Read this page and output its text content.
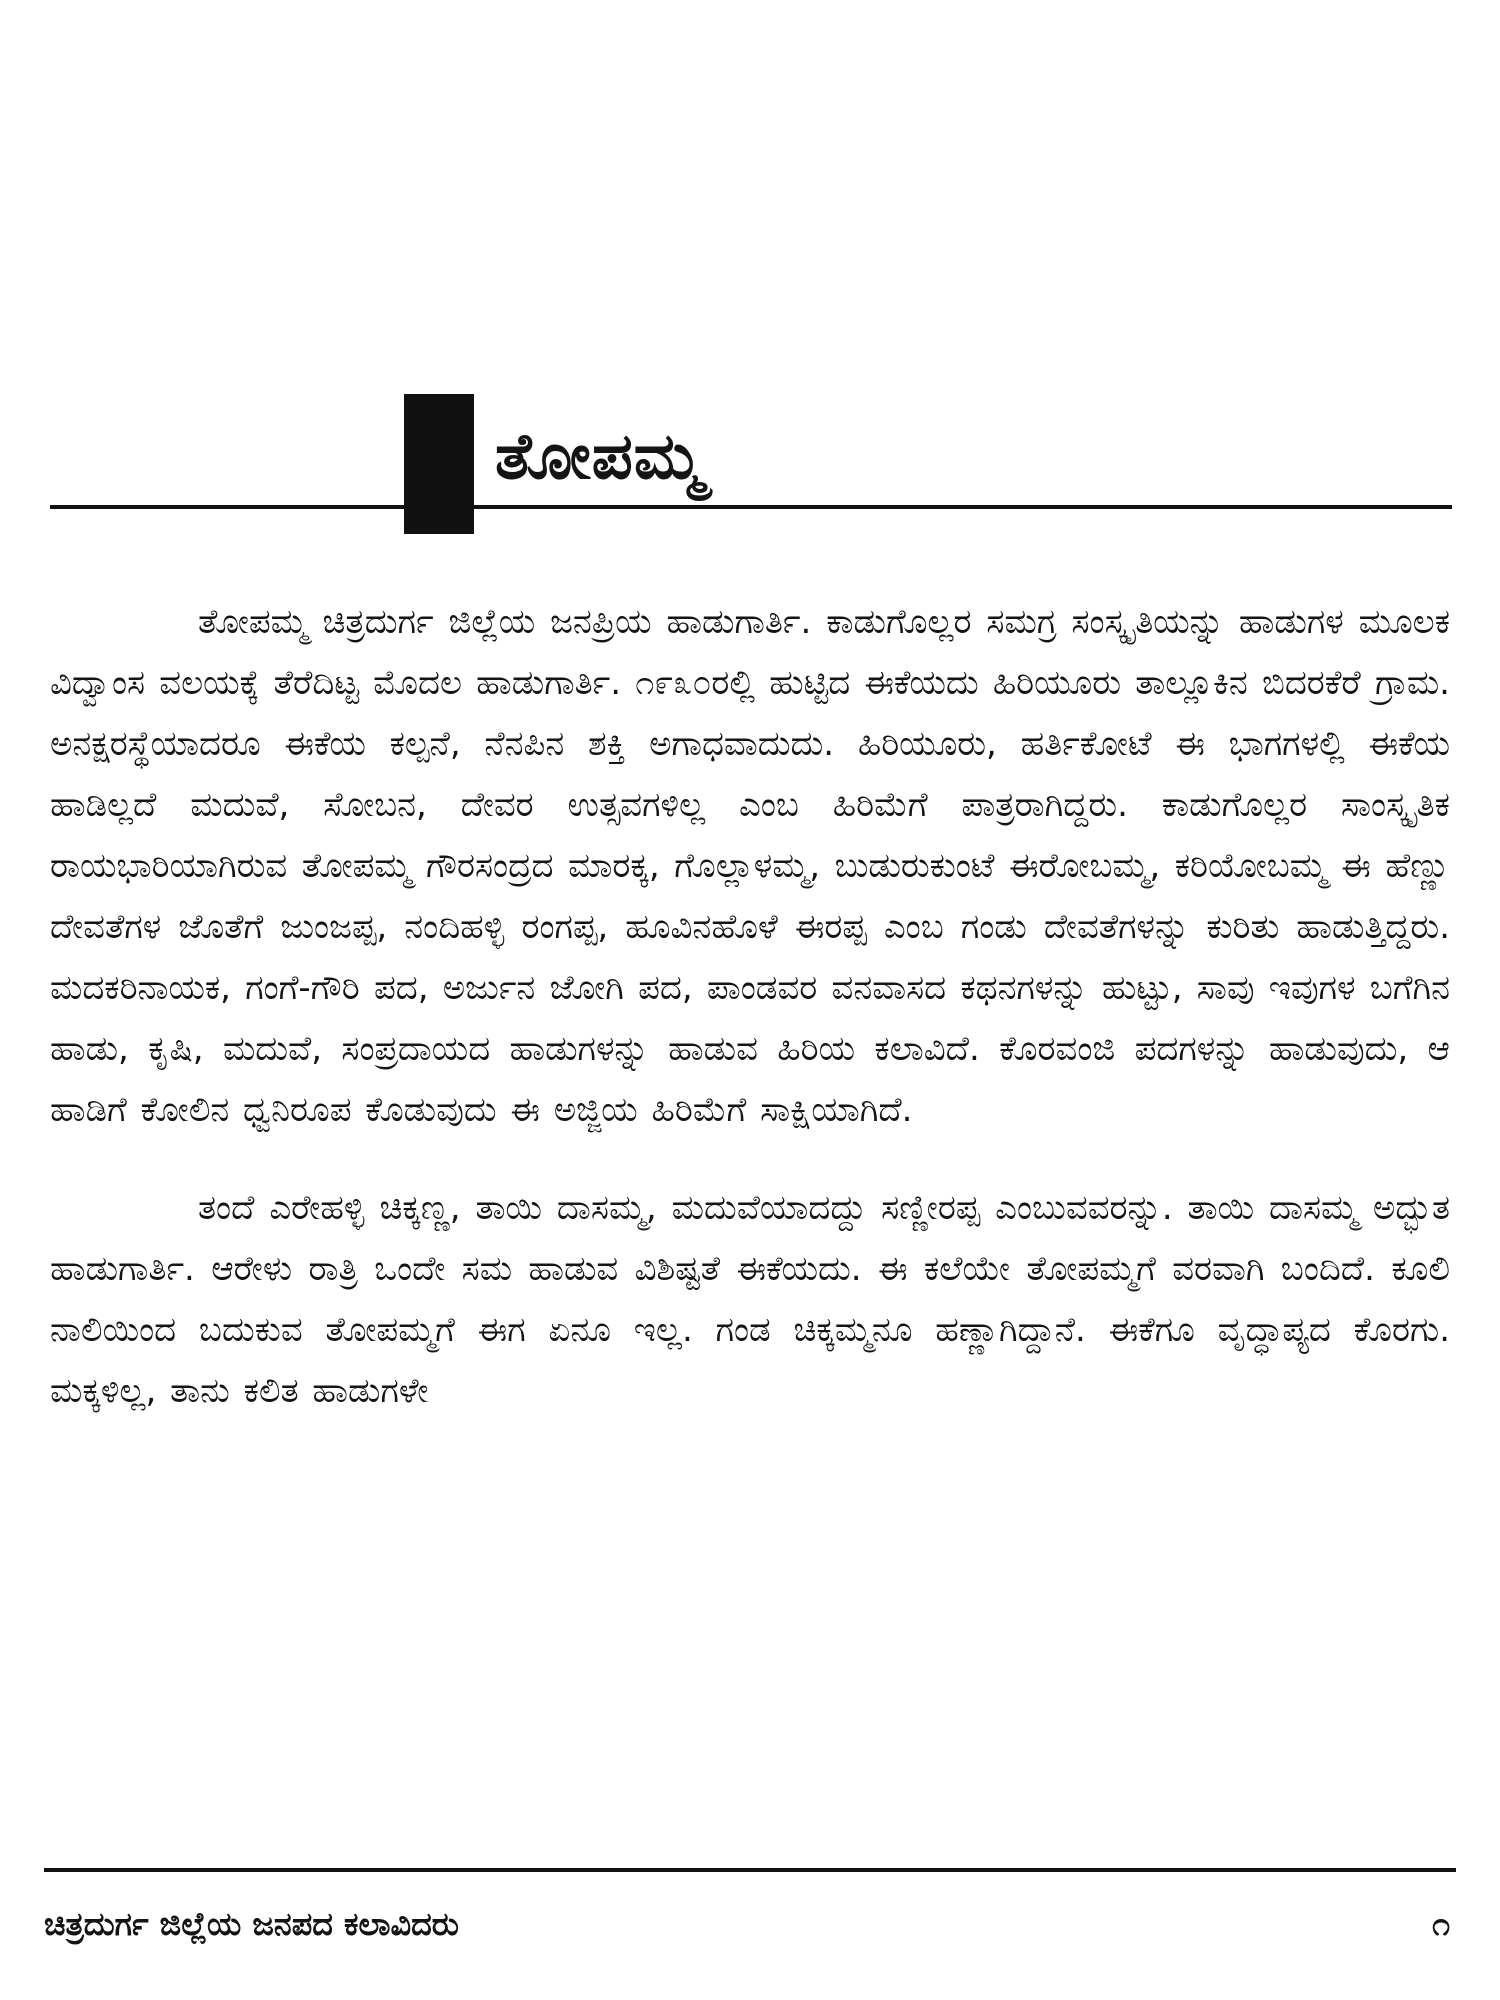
ತೋಪಮ್ಮ

ತೋಪಮ್ಮ ಚಿತ್ರದುರ್ಗ ಜಿಲ್ಲೆಯ ಜನಪ್ರಿಯ ಹಾಡುಗಾರ್ತಿ. ಕಾಡುಗೊಲ್ಲರ ಸಮಗ್ರ ಸಂಸ್ಕೃತಿಯನ್ನು ಹಾಡುಗಳ ಮೂಲಕ ವಿದ್ವಾಂಸ ವಲಯಕ್ಕೆ ತೆರೆದಿಟ್ಟ ಮೊದಲ ಹಾಡುಗಾರ್ತಿ. ೧೯೩೦ರಲ್ಲಿ ಹುಟ್ಟಿದ ಈಕೆಯದು ಹಿರಿಯೂರು ತಾಲ್ಲೂಕಿನ ಬಿದರಕೆರೆ ಗ್ರಾಮ. ಅನಕ್ಷರಸ್ಥೆಯಾದರೂ ಈಕೆಯ ಕಲ್ಪನೆ, ನೆನಪಿನ ಶಕ್ತಿ ಅಗಾಧವಾದುದು. ಹಿರಿಯೂರು, ಹರ್ತಿಕೋಟೆ ಈ ಭಾಗಗಳಲ್ಲಿ ಈಕೆಯ ಹಾಡಿಲ್ಲದೆ ಮದುವೆ, ಸೋಬನ, ದೇವರ ಉತ್ಸವಗಳಿಲ್ಲ ಎಂಬ ಹಿರಿಮೆಗೆ ಪಾತ್ರರಾಗಿದ್ದರು. ಕಾಡುಗೊಲ್ಲರ ಸಾಂಸ್ಕೃತಿಕ ರಾಯಭಾರಿಯಾಗಿರುವ ತೋಪಮ್ಮ ಗೌರಸಂದ್ರದ ಮಾರಕ್ಕ, ಗೊಲ್ಲಾಳಮ್ಮ, ಬುಡುರುಕುಂಟೆ ಈರೋಬಮ್ಮ, ಕರಿಯೋಬಮ್ಮ ಈ ಹೆಣ್ಣು ದೇವತೆಗಳ ಜೊತೆಗೆ ಜುಂಜಪ್ಪ, ನಂದಿಹಳ್ಳಿ ರಂಗಪ್ಪ, ಹೂವಿನಹೊಳೆ ಈರಪ್ಪ ಎಂಬ ಗಂಡು ದೇವತೆಗಳನ್ನು ಕುರಿತು ಹಾಡುತ್ತಿದ್ದರು. ಮದಕರಿನಾಯಕ, ಗಂಗೆ-ಗೌರಿ ಪದ, ಅರ್ಜುನ ಜೋಗಿ ಪದ, ಪಾಂಡವರ ವನವಾಸದ ಕಥನಗಳನ್ನು ಹುಟ್ಟು, ಸಾವು ಇವುಗಳ ಬಗೆಗಿನ ಹಾಡು, ಕೃಷಿ, ಮದುವೆ, ಸಂಪ್ರದಾಯದ ಹಾಡುಗಳನ್ನು ಹಾಡುವ ಹಿರಿಯ ಕಲಾವಿದೆ. ಕೊರವಂಜಿ ಪದಗಳನ್ನು ಹಾಡುವುದು, ಆ ಹಾಡಿಗೆ ಕೋಲಿನ ಧ್ವನಿರೂಪ ಕೊಡುವುದು ಈ ಅಜ್ಜಿಯ ಹಿರಿಮೆಗೆ ಸಾಕ್ಷಿಯಾಗಿದೆ.

ತಂದೆ ಎರೇಹಳ್ಳಿ ಚಿಕ್ಕಣ್ಣ, ತಾಯಿ ದಾಸಮ್ಮ, ಮದುವೆಯಾದದ್ದು ಸಣ್ಣೀರಪ್ಪ ಎಂಬುವವರನ್ನು. ತಾಯಿ ದಾಸಮ್ಮ ಅದ್ಭುತ ಹಾಡುಗಾರ್ತಿ. ಆರೇಳು ರಾತ್ರಿ ಒಂದೇ ಸಮ ಹಾಡುವ ವಿಶಿಷ್ಟತೆ ಈಕೆಯದು. ಈ ಕಲೆಯೇ ತೋಪಮ್ಮಗೆ ವರವಾಗಿ ಬಂದಿದೆ. ಕೂಲಿ ನಾಲಿಯಿಂದ ಬದುಕುವ ತೋಪಮ್ಮಗೆ ಈಗ ಏನೂ ಇಲ್ಲ. ಗಂಡ ಚಿಕ್ಕಮ್ಮನೂ ಹಣ್ಣಾಗಿದ್ದಾನೆ. ಈಕೆಗೂ ವೃದ್ಧಾಪ್ಯದ ಕೊರಗು. ಮಕ್ಕಳಿಲ್ಲ, ತಾನು ಕಲಿತ ಹಾಡುಗಳೇ

ಚಿತ್ರದುರ್ಗ ಜಿಲ್ಲೆಯ ಜನಪದ ಕಲಾವಿದರು	೧
